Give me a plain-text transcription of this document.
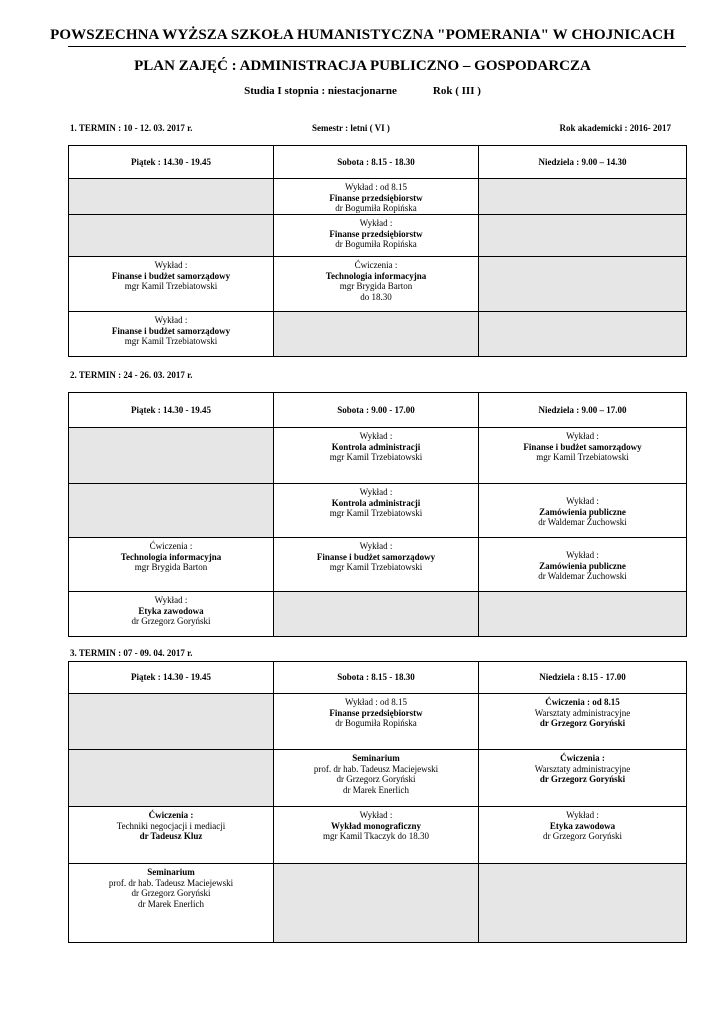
POWSZECHNA WYŻSZA SZKOŁA HUMANISTYCZNA "POMERANIA" W CHOJNICACH
PLAN ZAJĘĆ : ADMINISTRACJA PUBLICZNO – GOSPODARCZA
Studia I stopnia : niestacjonarne	Rok ( III )
1. TERMIN : 10 - 12. 03. 2017 r.	Semestr : letni ( VI )	Rok akademicki : 2016- 2017
Piątek : 14.30 - 19.45	Sobota : 8.15 - 18.30	Niedziela : 9.00 – 14.30

	Wykład : od 8.15
Finanse przedsiębiorstw
dr Bogumiła Ropińska	

	Wykład :
Finanse przedsiębiorstw
dr Bogumiła Ropińska	

Wykład :
Finanse i budżet samorządowy
mgr Kamil Trzebiatowski	Ćwiczenia :
Technologia informacyjna
mgr Brygida Barton
do 18.30	

Wykład :
Finanse i budżet samorządowy
mgr Kamil Trzebiatowski		

2. TERMIN : 24 - 26. 03. 2017 r.
Piątek : 14.30 - 19.45	Sobota : 9.00 - 17.00	Niedziela : 9.00 – 17.00

	Wykład :
Kontrola administracji
mgr Kamil Trzebiatowski	Wykład :
Finanse i budżet samorządowy
mgr Kamil Trzebiatowski

	Wykład :
Kontrola administracji
mgr Kamil Trzebiatowski	Wykład :
Zamówienia publiczne
dr Waldemar Żuchowski

Ćwiczenia :
Technologia informacyjna
mgr Brygida Barton	Wykład :
Finanse i budżet samorządowy
mgr Kamil Trzebiatowski	Wykład :
Zamówienia publiczne
dr Waldemar Żuchowski

Wykład :
Etyka zawodowa
dr Grzegorz Goryński		

3. TERMIN : 07 - 09. 04. 2017 r.
Piątek : 14.30 - 19.45	Sobota : 8.15 - 18.30	Niedziela : 8.15 - 17.00

	Wykład : od 8.15
Finanse przedsiębiorstw
dr Bogumiła Ropińska	Ćwiczenia : od 8.15
Warsztaty administracyjne
dr Grzegorz Goryński

	Seminarium
prof. dr hab. Tadeusz Maciejewski
dr Grzegorz Goryński
dr Marek Enerlich	Ćwiczenia :
Warsztaty administracyjne
dr Grzegorz Goryński

Ćwiczenia :
Techniki negocjacji i mediacji
dr Tadeusz Kluz	Wykład :
Wykład monograficzny
mgr Kamil Tkaczyk do 18.30	Wykład :
Etyka zawodowa
dr Grzegorz Goryński

Seminarium
prof. dr hab. Tadeusz Maciejewski
dr Grzegorz Goryński
dr Marek Enerlich		
